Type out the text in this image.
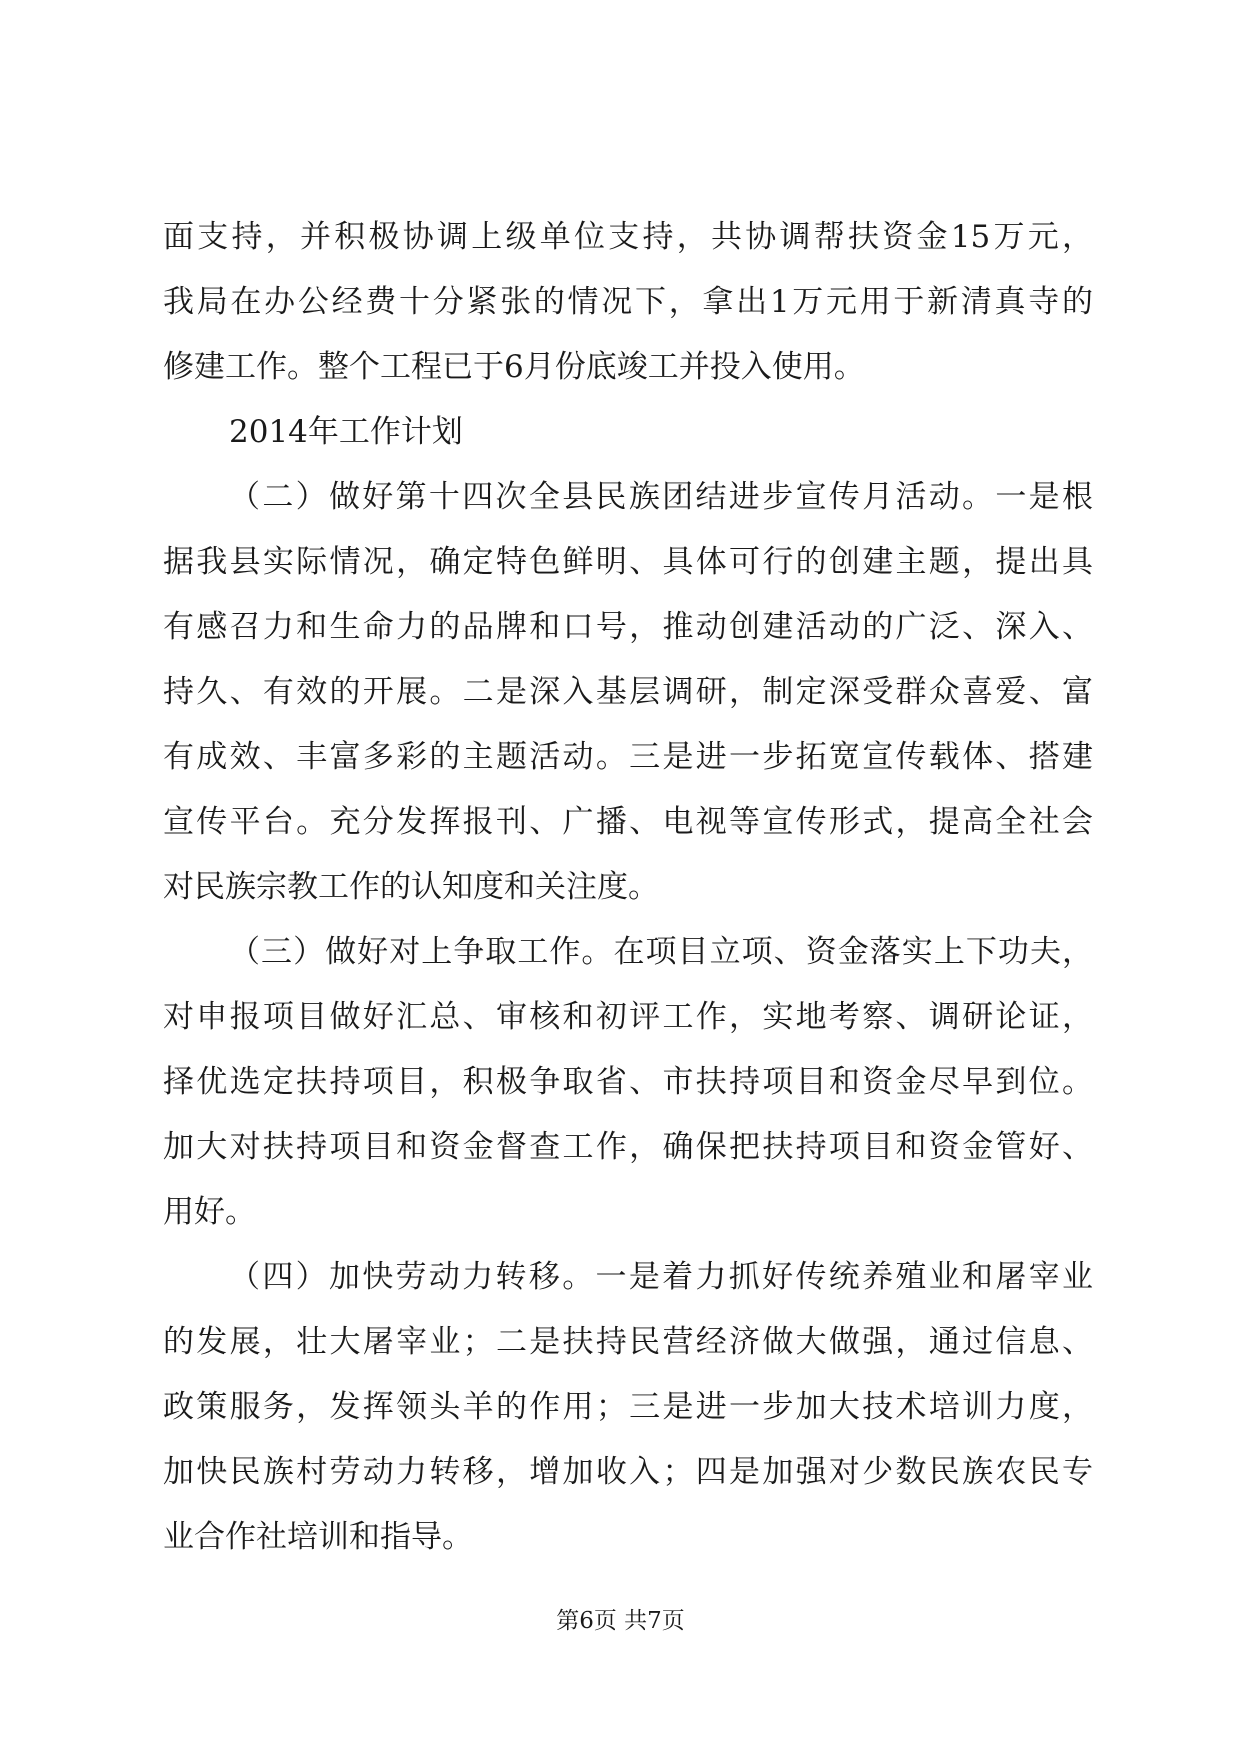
面支持，并积极协调上级单位支持，共协调帮扶资金15万元，
我局在办公经费十分紧张的情况下，拿出1万元用于新清真寺的
修建工作。整个工程已于6月份底竣工并投入使用。
2014年工作计划
（二）做好第十四次全县民族团结进步宣传月活动。一是根
据我县实际情况，确定特色鲜明、具体可行的创建主题，提出具
有感召力和生命力的品牌和口号，推动创建活动的广泛、深入、
持久、有效的开展。二是深入基层调研，制定深受群众喜爱、富
有成效、丰富多彩的主题活动。三是进一步拓宽宣传载体、搭建
宣传平台。充分发挥报刊、广播、电视等宣传形式，提高全社会
对民族宗教工作的认知度和关注度。
（三）做好对上争取工作。在项目立项、资金落实上下功夫，
对申报项目做好汇总、审核和初评工作，实地考察、调研论证，
择优选定扶持项目，积极争取省、市扶持项目和资金尽早到位。
加大对扶持项目和资金督查工作，确保把扶持项目和资金管好、
用好。
（四）加快劳动力转移。一是着力抓好传统养殖业和屠宰业
的发展，壮大屠宰业；二是扶持民营经济做大做强，通过信息、
政策服务，发挥领头羊的作用；三是进一步加大技术培训力度，
加快民族村劳动力转移，增加收入；四是加强对少数民族农民专
业合作社培训和指导。
第6页 共7页
